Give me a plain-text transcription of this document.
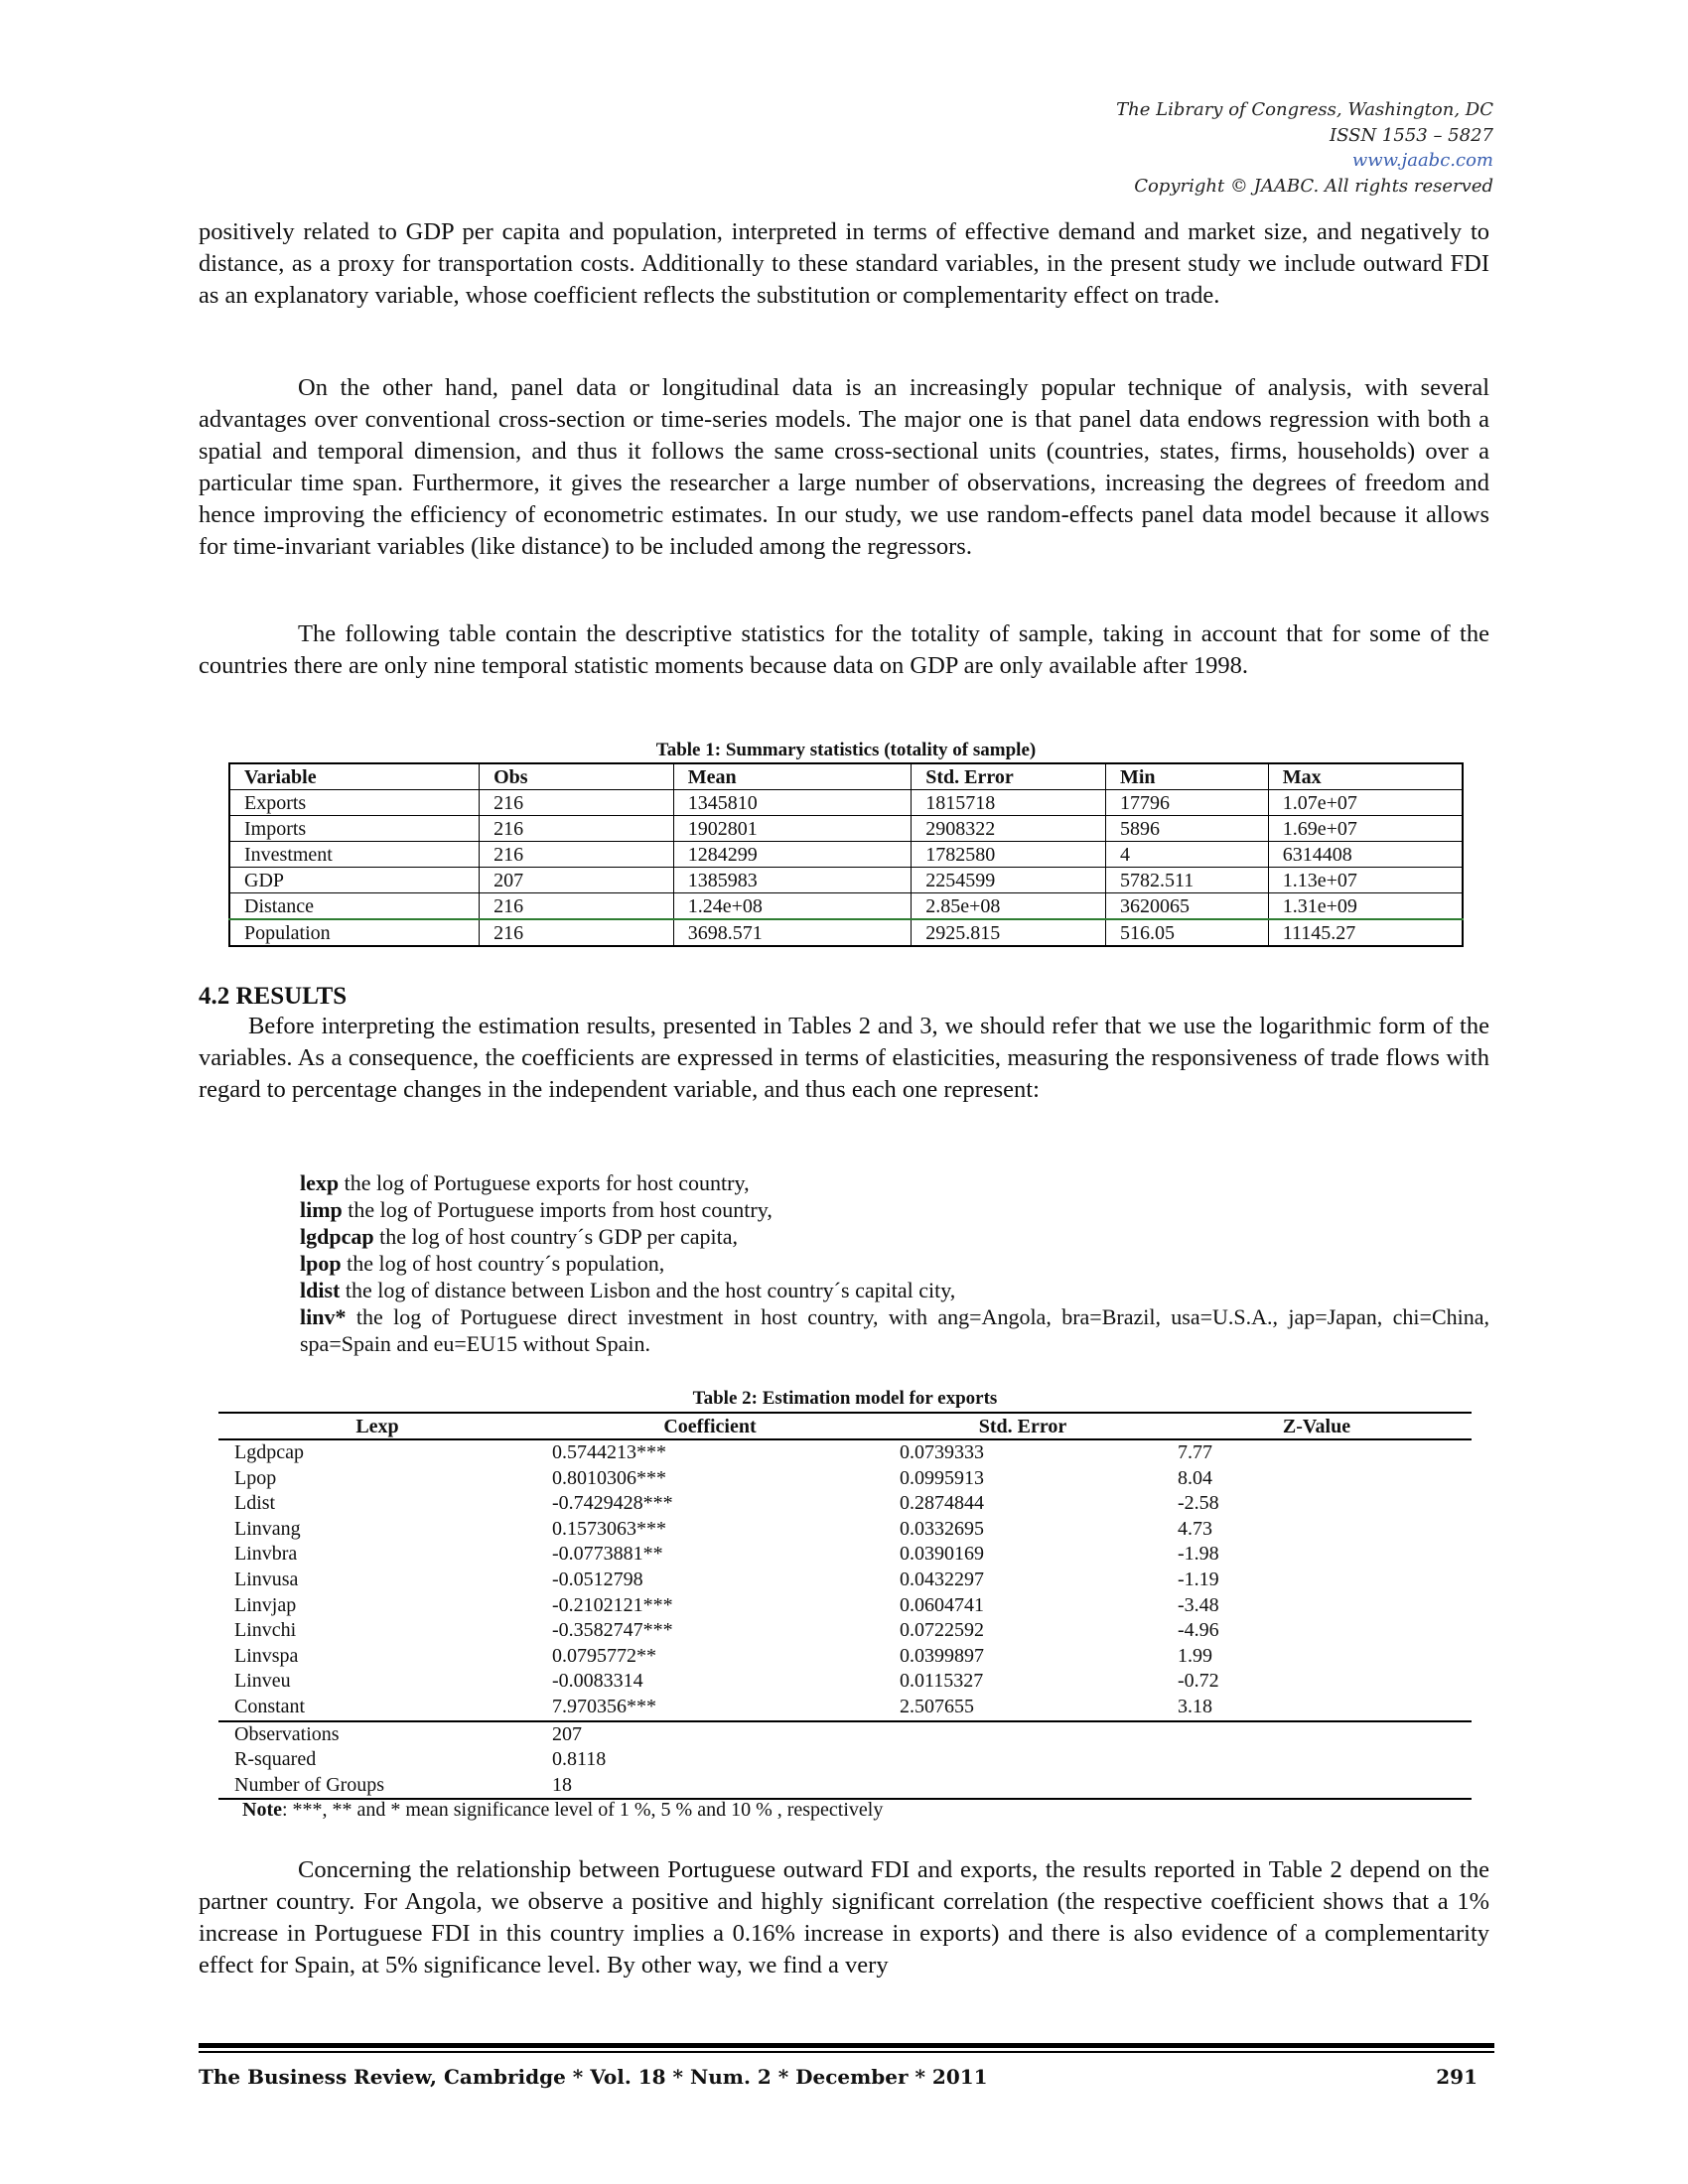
The Library of Congress, Washington, DC
ISSN 1553 – 5827
www.jaabc.com
Copyright © JAABC. All rights reserved

positively related to GDP per capita and population, interpreted in terms of effective demand and market size, and negatively to distance, as a proxy for transportation costs. Additionally to these standard variables, in the present study we include outward FDI as an explanatory variable, whose coefficient reflects the substitution or complementarity effect on trade.

On the other hand, panel data or longitudinal data is an increasingly popular technique of analysis, with several advantages over conventional cross-section or time-series models. The major one is that panel data endows regression with both a spatial and temporal dimension, and thus it follows the same cross-sectional units (countries, states, firms, households) over a particular time span. Furthermore, it gives the researcher a large number of observations, increasing the degrees of freedom and hence improving the efficiency of econometric estimates. In our study, we use random-effects panel data model because it allows for time-invariant variables (like distance) to be included among the regressors.

The following table contain the descriptive statistics for the totality of sample, taking in account that for some of the countries there are only nine temporal statistic moments because data on GDP are only available after 1998.

Table 1: Summary statistics (totality of sample)
Variable	Obs	Mean	Std. Error	Min	Max
Exports	216	1345810	1815718	17796	1.07e+07
Imports	216	1902801	2908322	5896	1.69e+07
Investment	216	1284299	1782580	4	6314408
GDP	207	1385983	2254599	5782.511	1.13e+07
Distance	216	1.24e+08	2.85e+08	3620065	1.31e+09
Population	216	3698.571	2925.815	516.05	11145.27
4.2 RESULTS

Before interpreting the estimation results, presented in Tables 2 and 3, we should refer that we use the logarithmic form of the variables. As a consequence, the coefficients are expressed in terms of elasticities, measuring the responsiveness of trade flows with regard to percentage changes in the independent variable, and thus each one represent:

lexp the log of Portuguese exports for host country,
limp the log of Portuguese imports from host country,
lgdpcap the log of host country´s GDP per capita,
lpop the log of host country´s population,
ldist the log of distance between Lisbon and the host country´s capital city,
linv* the log of Portuguese direct investment in host country, with ang=Angola, bra=Brazil, usa=U.S.A., jap=Japan, chi=China, spa=Spain and eu=EU15 without Spain.
Table 2: Estimation model for exports
Lexp	Coefficient	Std. Error	Z-Value
Lgdpcap	0.5744213***	0.0739333	7.77
Lpop	0.8010306***	0.0995913	8.04
Ldist	-0.7429428***	0.2874844	-2.58
Linvang	0.1573063***	0.0332695	4.73
Linvbra	-0.0773881**	0.0390169	-1.98
Linvusa	-0.0512798	0.0432297	-1.19
Linvjap	-0.2102121***	0.0604741	-3.48
Linvchi	-0.3582747***	0.0722592	-4.96
Linvspa	0.0795772**	0.0399897	1.99
Linveu	-0.0083314	0.0115327	-0.72
Constant	7.970356***	2.507655	3.18
Observations	207		
R-squared	0.8118		
Number of Groups	18		
Note: ***, ** and * mean significance level of 1 %, 5 % and 10 % , respectively

Concerning the relationship between Portuguese outward FDI and exports, the results reported in Table 2 depend on the partner country. For Angola, we observe a positive and highly significant correlation (the respective coefficient shows that a 1% increase in Portuguese FDI in this country implies a 0.16% increase in exports) and there is also evidence of a complementarity effect for Spain, at 5% significance level. By other way, we find a very

The Business Review, Cambridge * Vol. 18 * Num. 2 * December * 2011	291
